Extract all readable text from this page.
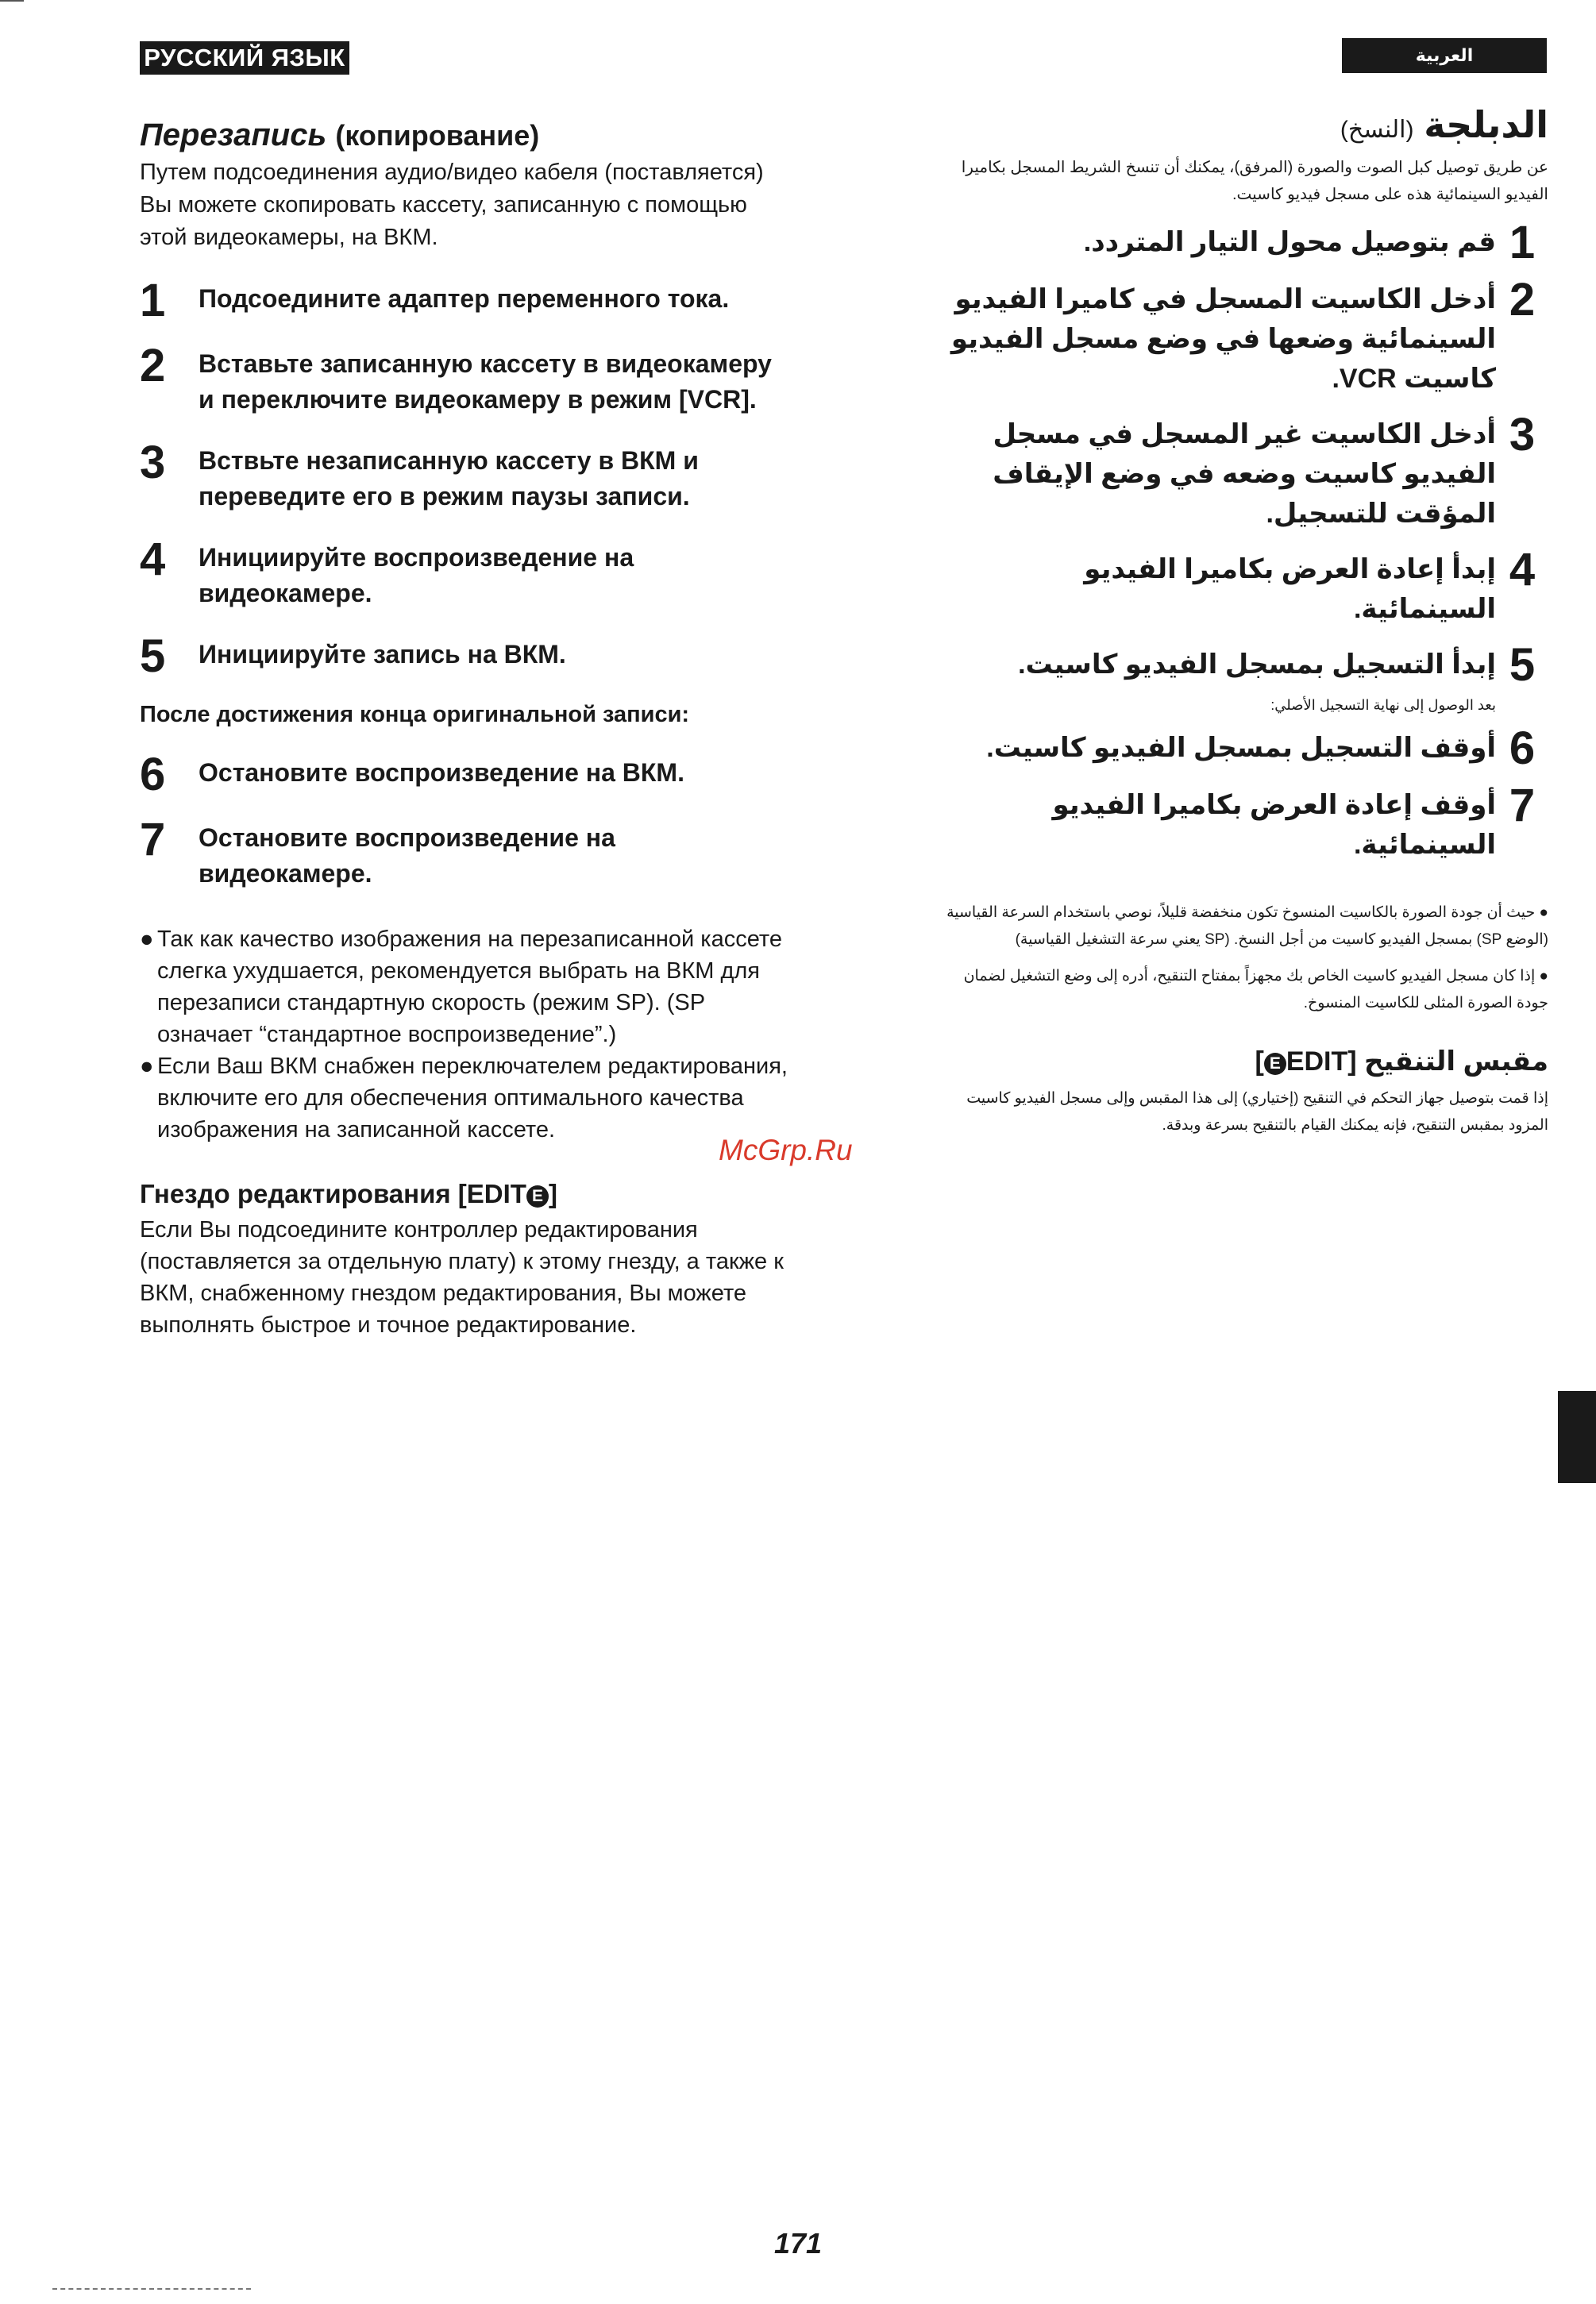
РУССКИЙ ЯЗЫК	العربية
Перезапись (копирование)
Путем подсоединения аудио/видео кабеля (поставляется) Вы можете скопировать кассету, записанную с помощью этой видеокамеры, на ВКМ.
1	Подсоедините адаптер переменного тока.
2	Вставьте записанную кассету в видеокамеру и переключите видеокамеру в режим [VCR].
3	Вствьте незаписанную кассету в ВКМ и переведите его в режим паузы записи.
4	Инициируйте воспроизведение на видеокамере.
5	Инициируйте запись на ВКМ.
После достижения конца оригинальной записи:
6	Остановите воспроизведение на ВКМ.
7	Остановите воспроизведение на видеокамере.
● Так как качество изображения на перезаписанной кассете слегка ухудшается, рекомендуется выбрать на ВКМ для перезаписи стандартную скорость (режим SP). (SP означает “стандартное воспроизведение”.)
● Если Ваш ВКМ снабжен переключателем редактирования, включите его для обеспечения оптимального качества изображения на записанной кассете.
Гнездо редактирования [EDIT E ]
Если Вы подсоедините контроллер редактирования (поставляется за отдельную плату) к этому гнезду, а также к ВКМ, снабженному гнездом редактирования, Вы можете выполнять быстрое и точное редактирование.
الدبلجة (النسخ)
عن طريق توصيل كبل الصوت والصورة (المرفق)، يمكنك أن تنسخ الشريط المسجل بكاميرا الفيديو السينمائية هذه على مسجل فيديو كاسيت.
1
قم بتوصيل محول التيار المتردد.
2
أدخل الكاسيت المسجل في كاميرا الفيديو السينمائية وضعها في وضع مسجل الفيديو كاسيت VCR.
3
أدخل الكاسيت غير المسجل في مسجل الفيديو كاسيت وضعه في وضع الإيقاف المؤقت للتسجيل.
4
إبدأ إعادة العرض بكاميرا الفيديو السينمائية.
5
إبدأ التسجيل بمسجل الفيديو كاسيت.
بعد الوصول إلى نهاية التسجيل الأصلي:
6
أوقف التسجيل بمسجل الفيديو كاسيت.
7
أوقف إعادة العرض بكاميرا الفيديو السينمائية.
● حيث أن جودة الصورة بالكاسيت المنسوخ تكون منخفضة قليلاً، نوصي باستخدام السرعة القياسية (الوضع SP) بمسجل الفيديو كاسيت من أجل النسخ. (SP يعني سرعة التشغيل القياسية)
● إذا كان مسجل الفيديو كاسيت الخاص بك مجهزاً بمفتاح التنقيح، أدره إلى وضع التشغيل لضمان جودة الصورة المثلى للكاسيت المنسوخ.
مقبس التنقيح [EDITE]
إذا قمت بتوصيل جهاز التحكم في التنقيح (إختياري) إلى هذا المقبس وإلى مسجل الفيديو كاسيت المزود بمقبس التنقيح، فإنه يمكنك القيام بالتنقيح بسرعة وبدقة.
McGrp.Ru
171
